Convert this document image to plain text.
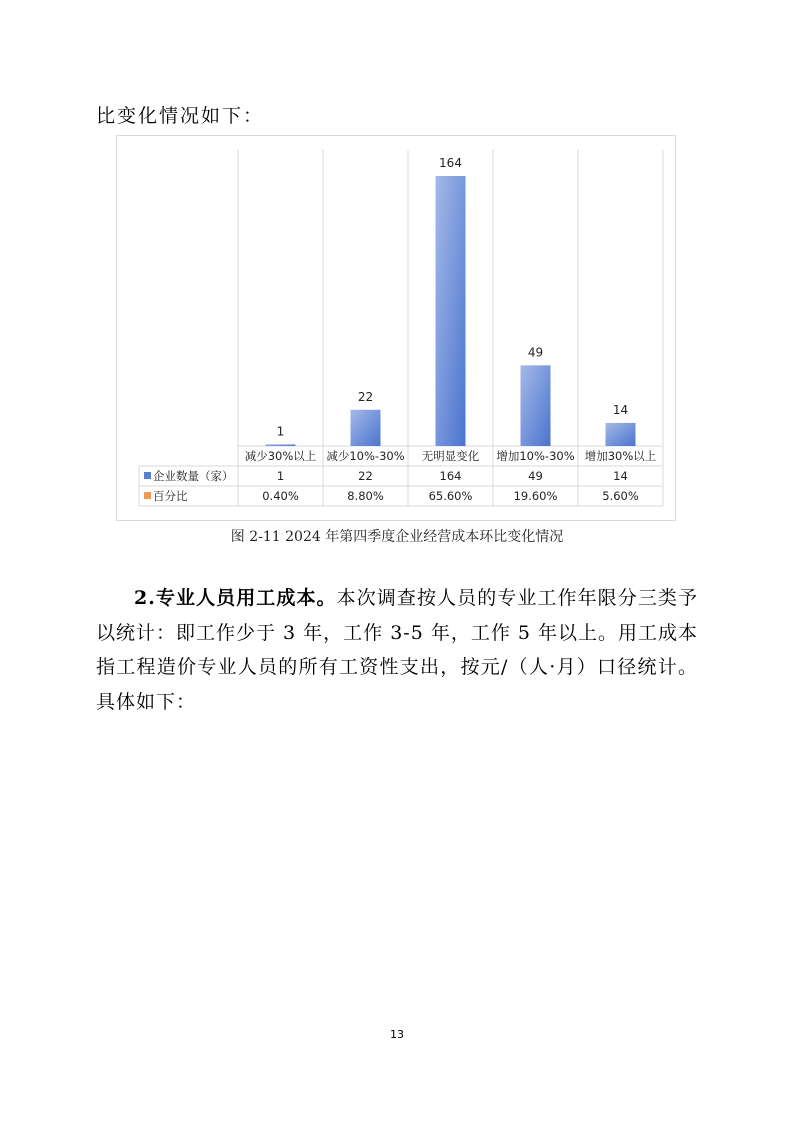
比变化情况如下：

1
22
164
49
14
减少30%以上 减少10%-30% 无明显变化 增加10%-30% 增加30%以上
企业数量（家）	1	22	164	49	14
百分比	0.40%	8.80%	65.60%	19.60%	5.60%

图 2-11 2024 年第四季度企业经营成本环比变化情况

2.专业人员用工成本。本次调查按人员的专业工作年限分三类予以统计：即工作少于 3 年，工作 3-5 年，工作 5 年以上。用工成本指工程造价专业人员的所有工资性支出，按元/（人·月）口径统计。具体如下：

13
